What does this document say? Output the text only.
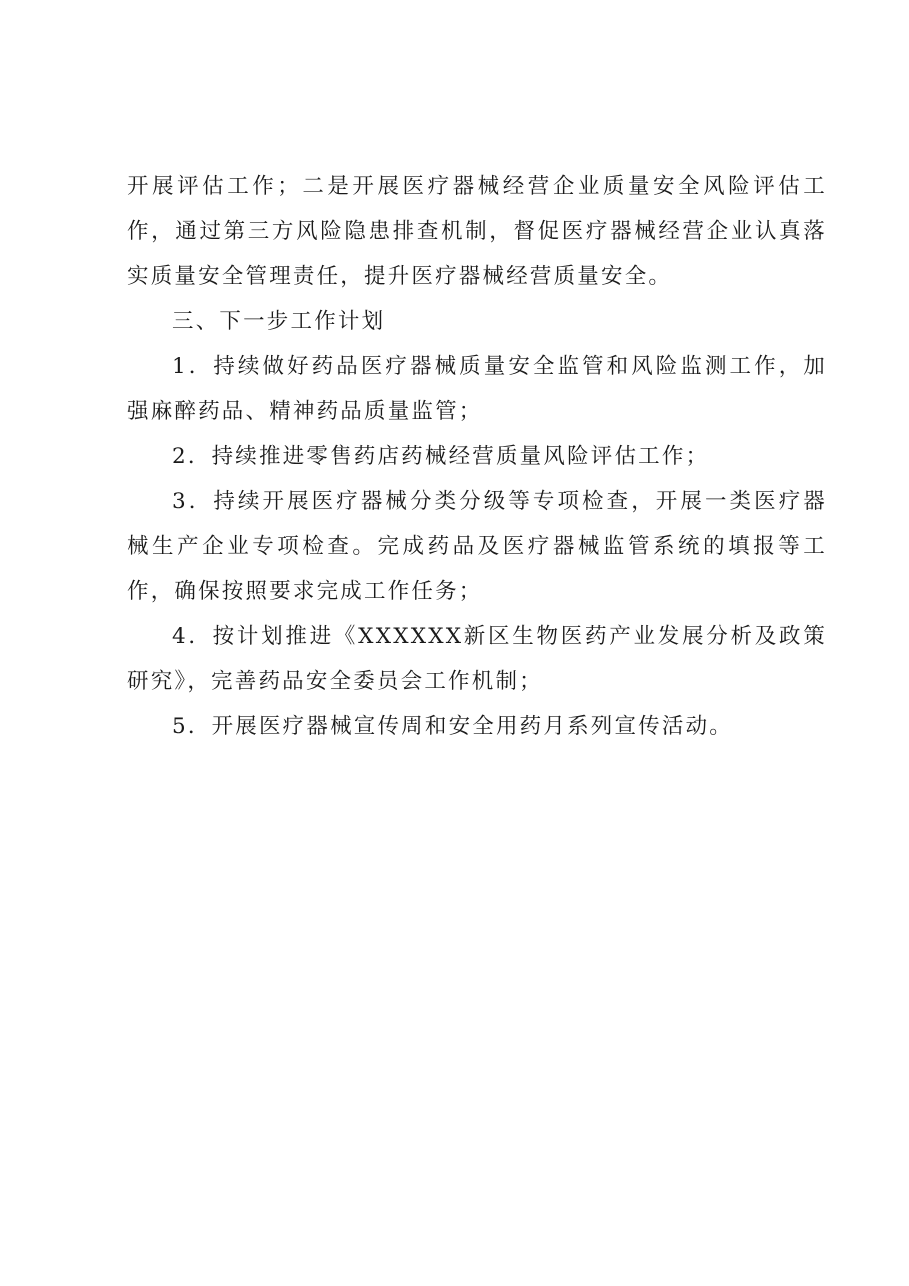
开展评估工作；二是开展医疗器械经营企业质量安全风险评估工作，通过第三方风险隐患排查机制，督促医疗器械经营企业认真落实质量安全管理责任，提升医疗器械经营质量安全。

三、下一步工作计划

1．持续做好药品医疗器械质量安全监管和风险监测工作，加强麻醉药品、精神药品质量监管；

2．持续推进零售药店药械经营质量风险评估工作；

3．持续开展医疗器械分类分级等专项检查，开展一类医疗器械生产企业专项检查。完成药品及医疗器械监管系统的填报等工作，确保按照要求完成工作任务；

4．按计划推进《XXXXXX新区生物医药产业发展分析及政策研究》，完善药品安全委员会工作机制；

5．开展医疗器械宣传周和安全用药月系列宣传活动。
